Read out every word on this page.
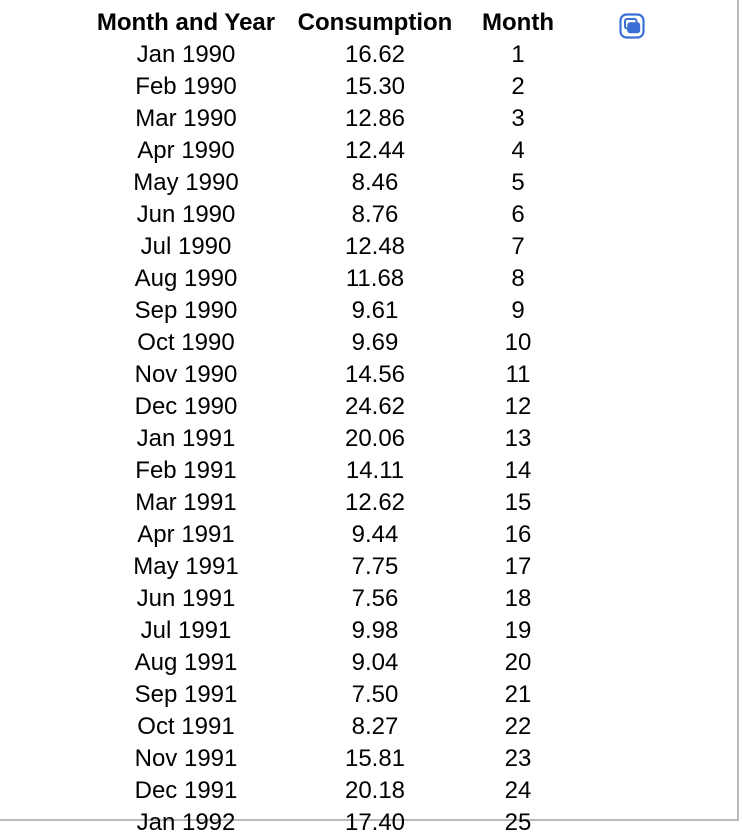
Month and Year	Consumption	Month
Jan 1990	16.62	1
Feb 1990	15.30	2
Mar 1990	12.86	3
Apr 1990	12.44	4
May 1990	8.46	5
Jun 1990	8.76	6
Jul 1990	12.48	7
Aug 1990	11.68	8
Sep 1990	9.61	9
Oct 1990	9.69	10
Nov 1990	14.56	11
Dec 1990	24.62	12
Jan 1991	20.06	13
Feb 1991	14.11	14
Mar 1991	12.62	15
Apr 1991	9.44	16
May 1991	7.75	17
Jun 1991	7.56	18
Jul 1991	9.98	19
Aug 1991	9.04	20
Sep 1991	7.50	21
Oct 1991	8.27	22
Nov 1991	15.81	23
Dec 1991	20.18	24
Jan 1992	17.40	25
